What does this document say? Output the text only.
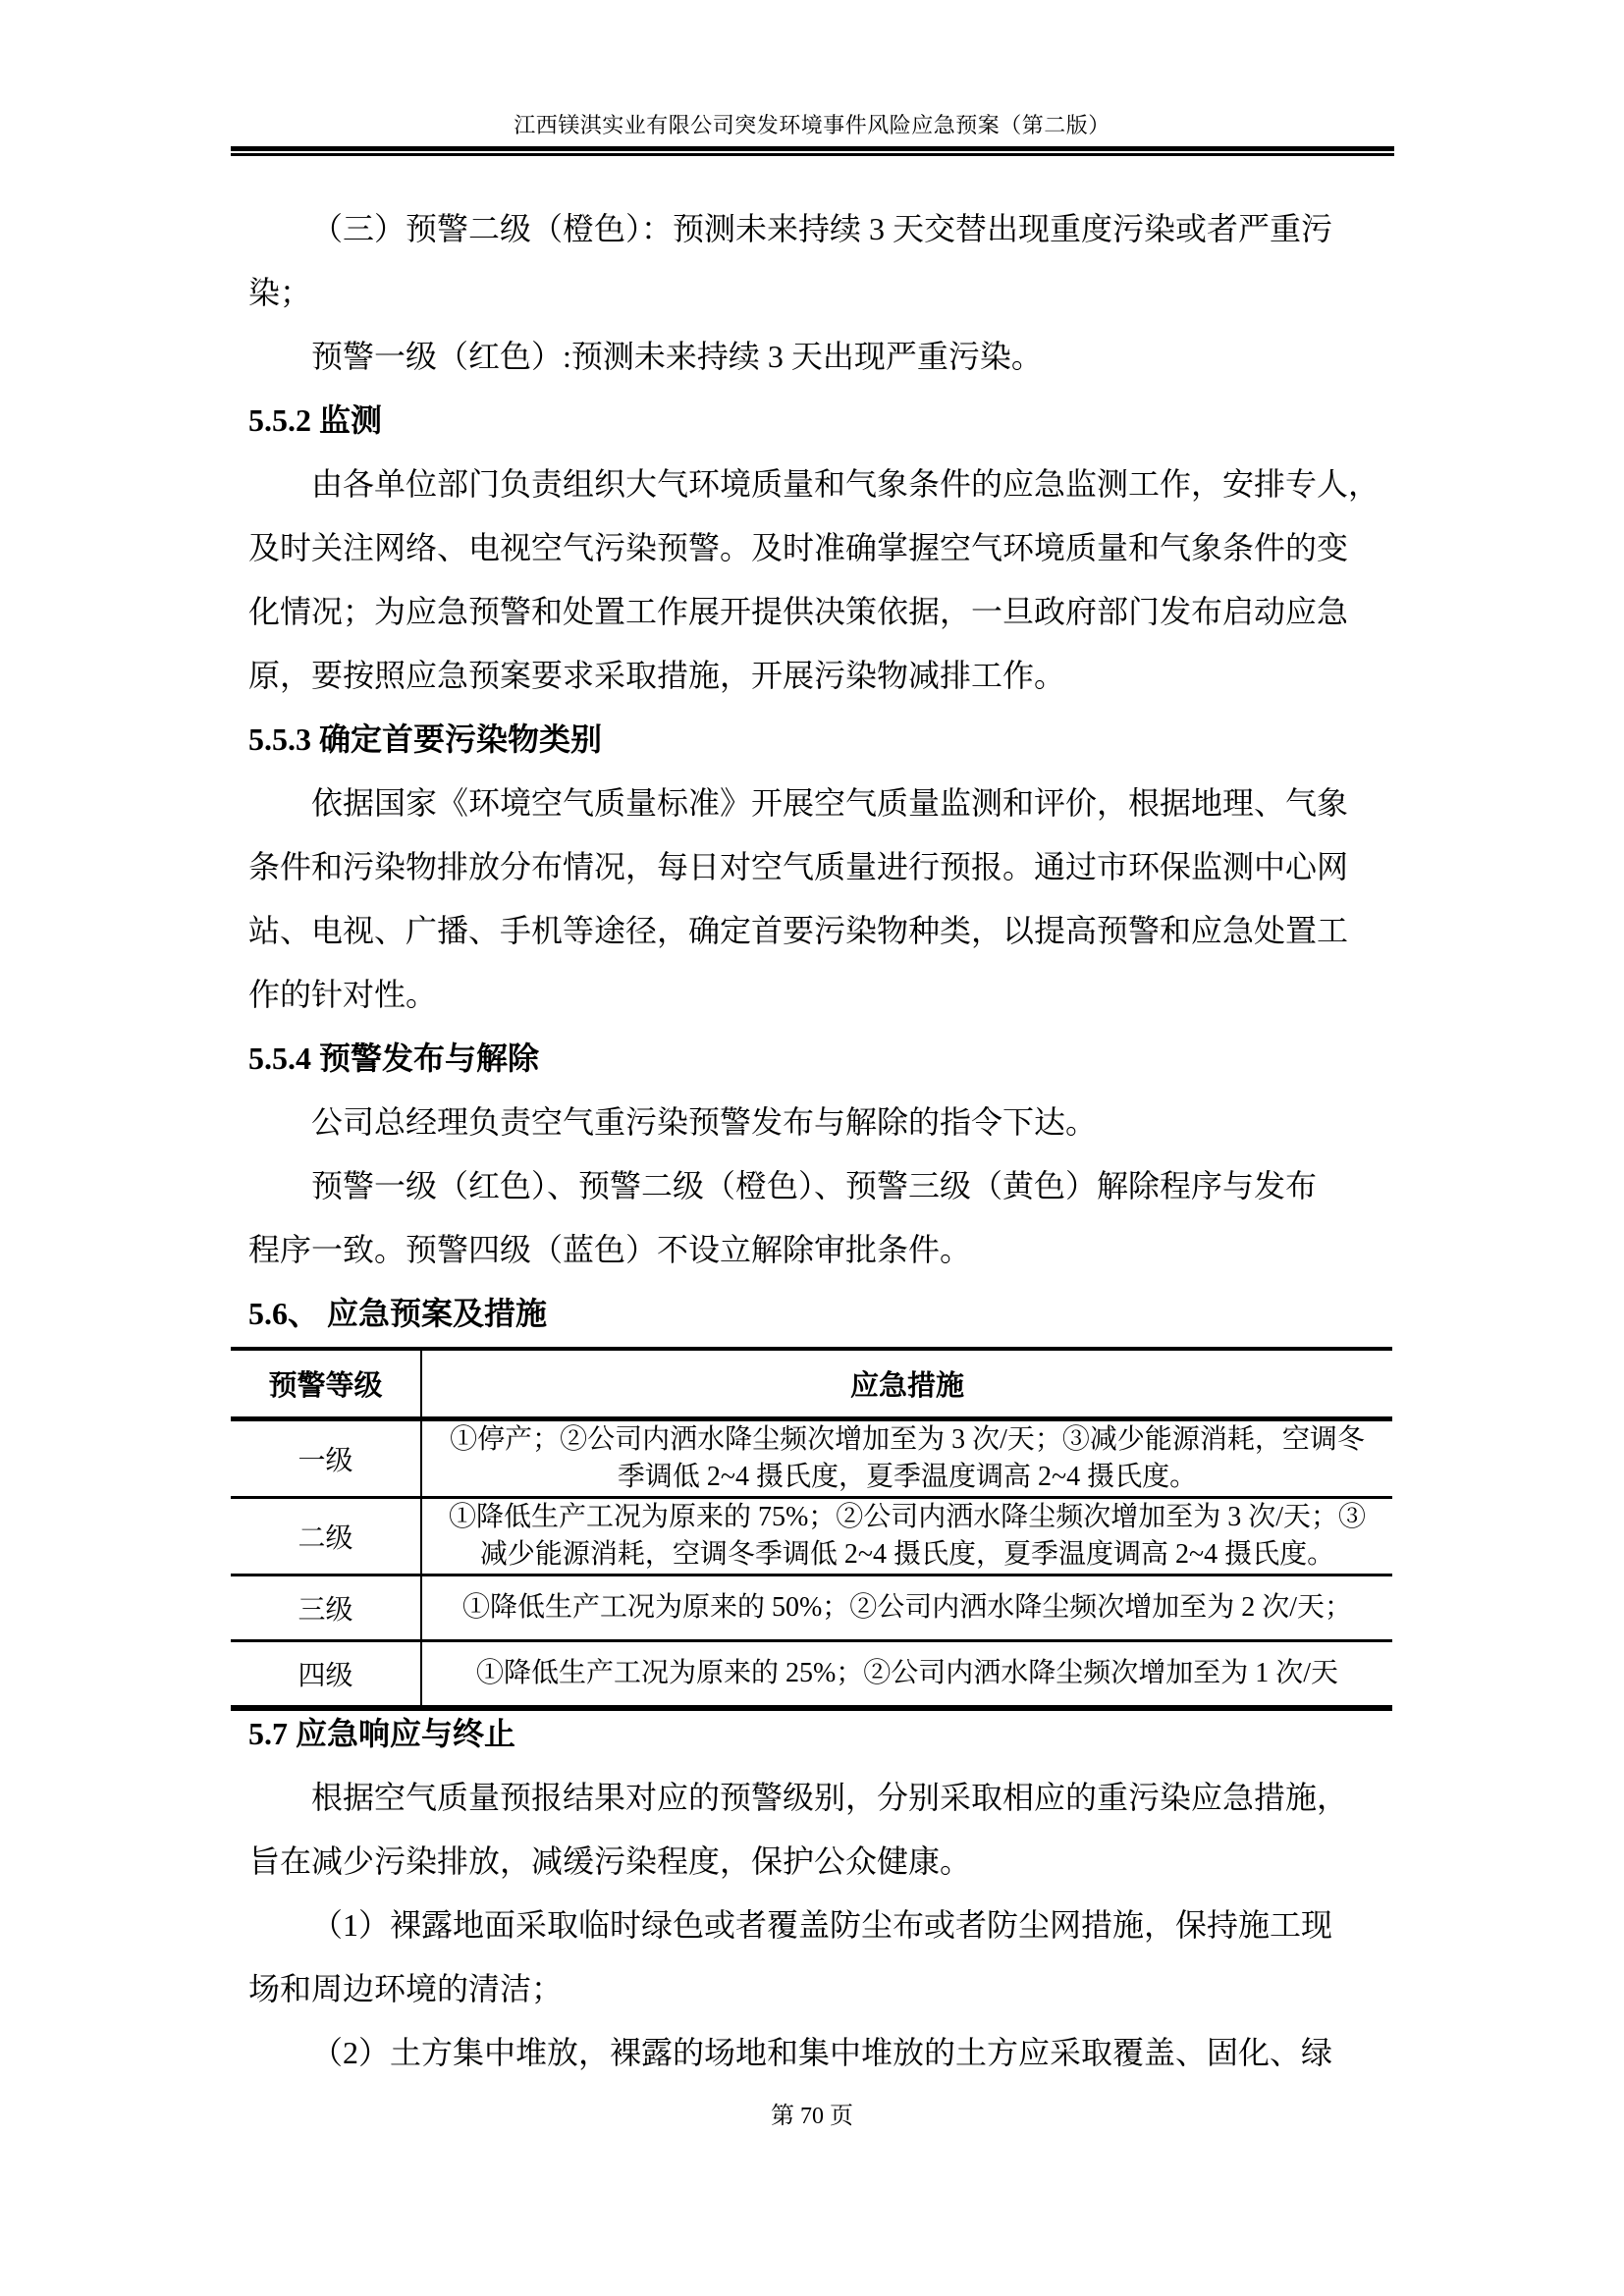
江西镁淇实业有限公司突发环境事件风险应急预案（第二版）
（三）预警二级（橙色）：预测未来持续 3 天交替出现重度污染或者严重污
染；
预警一级（红色）:预测未来持续 3 天出现严重污染。
5.5.2 监测
由各单位部门负责组织大气环境质量和气象条件的应急监测工作，安排专人，
及时关注网络、电视空气污染预警。及时准确掌握空气环境质量和气象条件的变
化情况；为应急预警和处置工作展开提供决策依据，一旦政府部门发布启动应急
原，要按照应急预案要求采取措施，开展污染物减排工作。
5.5.3 确定首要污染物类别
依据国家《环境空气质量标准》开展空气质量监测和评价，根据地理、气象
条件和污染物排放分布情况，每日对空气质量进行预报。通过市环保监测中心网
站、电视、广播、手机等途径，确定首要污染物种类，以提高预警和应急处置工
作的针对性。
5.5.4 预警发布与解除
公司总经理负责空气重污染预警发布与解除的指令下达。
预警一级（红色）、预警二级（橙色）、预警三级（黄色）解除程序与发布
程序一致。预警四级（蓝色）不设立解除审批条件。
5.6、 应急预案及措施
预警等级	应急措施
一级	①停产；②公司内洒水降尘频次增加至为 3 次/天；③减少能源消耗，空调冬
季调低 2~4 摄氏度，夏季温度调高 2~4 摄氏度。

二级	①降低生产工况为原来的 75%；②公司内洒水降尘频次增加至为 3 次/天；③
减少能源消耗，空调冬季调低 2~4 摄氏度，夏季温度调高 2~4 摄氏度。

三级	①降低生产工况为原来的 50%；②公司内洒水降尘频次增加至为 2 次/天；

四级	①降低生产工况为原来的 25%；②公司内洒水降尘频次增加至为 1 次/天
5.7 应急响应与终止
根据空气质量预报结果对应的预警级别，分别采取相应的重污染应急措施，
旨在减少污染排放，减缓污染程度，保护公众健康。
（1）裸露地面采取临时绿色或者覆盖防尘布或者防尘网措施，保持施工现
场和周边环境的清洁；
（2）土方集中堆放，裸露的场地和集中堆放的土方应采取覆盖、固化、绿
第 70 页
